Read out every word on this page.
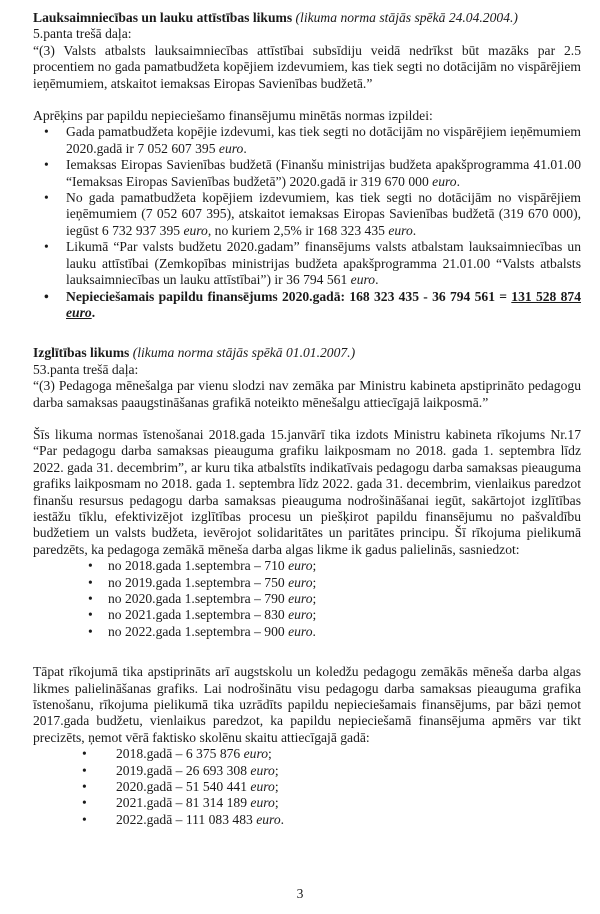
Lauksaimniecības un lauku attīstības likums (likuma norma stājās spēkā 24.04.2004.)

5.panta trešā daļa:

“(3) Valsts atbalsts lauksaimniecības attīstībai subsīdiju veidā nedrīkst būt mazāks par 2.5 procentiem no gada pamatbudžeta kopējiem izdevumiem, kas tiek segti no dotācijām no vispārējiem ieņēmumiem, atskaitot iemaksas Eiropas Savienības budžetā.”

Aprēķins par papildu nepieciešamo finansējumu minētās normas izpildei:

• Gada pamatbudžeta kopējie izdevumi, kas tiek segti no dotācijām no vispārējiem ieņēmumiem 2020.gadā ir 7 052 607 395 euro.
• Iemaksas Eiropas Savienības budžetā (Finanšu ministrijas budžeta apakšprogramma 41.01.00 “Iemaksas Eiropas Savienības budžetā”) 2020.gadā ir 319 670 000 euro.
• No gada pamatbudžeta kopējiem izdevumiem, kas tiek segti no dotācijām no vispārējiem ieņēmumiem (7 052 607 395), atskaitot iemaksas Eiropas Savienības budžetā (319 670 000), iegūst 6 732 937 395 euro, no kuriem 2,5% ir 168 323 435 euro.
• Likumā “Par valsts budžetu 2020.gadam” finansējums valsts atbalstam lauksaimniecības un lauku attīstībai (Zemkopības ministrijas budžeta apakšprogramma 21.01.00 “Valsts atbalsts lauksaimniecības un lauku attīstībai”) ir 36 794 561 euro.
• Nepieciešamais papildu finansējums 2020.gadā: 168 323 435 - 36 794 561 = 131 528 874 euro.

Izglītības likums (likuma norma stājās spēkā 01.01.2007.)

53.panta trešā daļa:

“(3) Pedagoga mēnešalga par vienu slodzi nav zemāka par Ministru kabineta apstiprināto pedagogu darba samaksas paaugstināšanas grafikā noteikto mēnešalgu attiecīgajā laikposmā.”

Šīs likuma normas īstenošanai 2018.gada 15.janvārī tika izdots Ministru kabineta rīkojums Nr.17 “Par pedagogu darba samaksas pieauguma grafiku laikposmam no 2018. gada 1. septembra līdz 2022. gada 31. decembrim”, ar kuru tika atbalstīts indikatīvais pedagogu darba samaksas pieauguma grafiks laikposmam no 2018. gada 1. septembra līdz 2022. gada 31. decembrim, vienlaikus paredzot finanšu resursus pedagogu darba samaksas pieauguma nodrošināšanai iegūt, sakārtojot izglītības iestāžu tīklu, efektivizējot izglītības procesu un piešķirot papildu finansējumu no pašvaldību budžetiem un valsts budžeta, ievērojot solidaritātes un paritātes principu. Šī rīkojuma pielikumā paredzēts, ka pedagoga zemākā mēneša darba algas likme ik gadus palielinās, sasniedzot:

• no 2018.gada 1.septembra – 710 euro;
• no 2019.gada 1.septembra – 750 euro;
• no 2020.gada 1.septembra – 790 euro;
• no 2021.gada 1.septembra – 830 euro;
• no 2022.gada 1.septembra – 900 euro.

Tāpat rīkojumā tika apstiprināts arī augstskolu un koledžu pedagogu zemākās mēneša darba algas likmes palielināšanas grafiks. Lai nodrošinātu visu pedagogu darba samaksas pieauguma grafika īstenošanu, rīkojuma pielikumā tika uzrādīts papildu nepieciešamais finansējums, par bāzi ņemot 2017.gada budžetu, vienlaikus paredzot, ka papildu nepieciešamā finansējuma apmērs var tikt precizēts, ņemot vērā faktisko skolēnu skaitu attiecīgajā gadā:

• 2018.gadā – 6 375 876 euro;
• 2019.gadā – 26 693 308 euro;
• 2020.gadā – 51 540 441 euro;
• 2021.gadā – 81 314 189 euro;
• 2022.gadā – 111 083 483 euro.
3
